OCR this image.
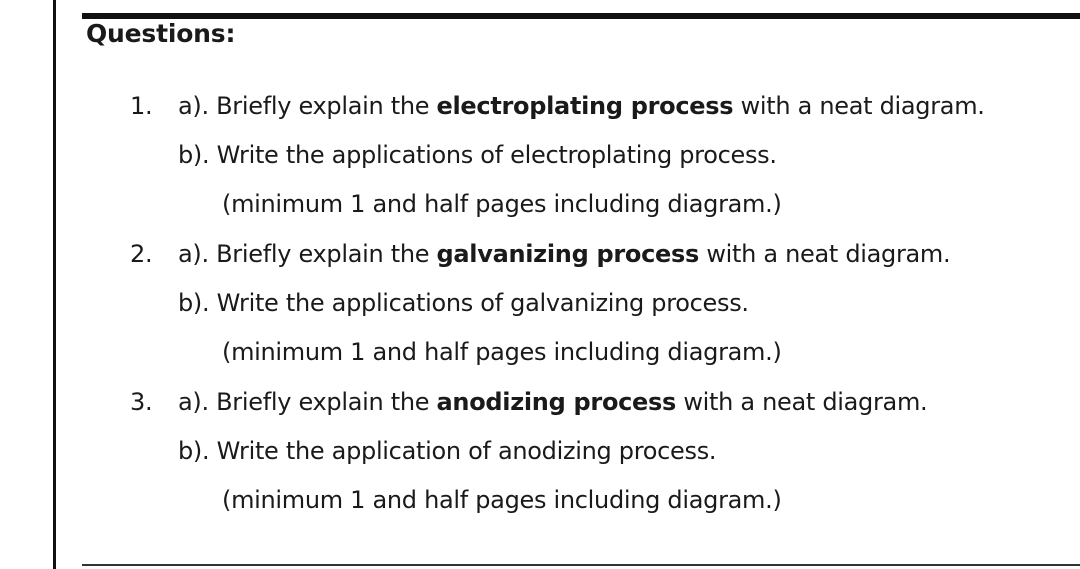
Questions:
1. a). Briefly explain the electroplating process with a neat diagram.
b). Write the applications of electroplating process.
(minimum 1 and half pages including diagram.)
2. a). Briefly explain the galvanizing process with a neat diagram.
b). Write the applications of galvanizing process.
(minimum 1 and half pages including diagram.)
3. a). Briefly explain the anodizing process with a neat diagram.
b). Write the application of anodizing process.
(minimum 1 and half pages including diagram.)
